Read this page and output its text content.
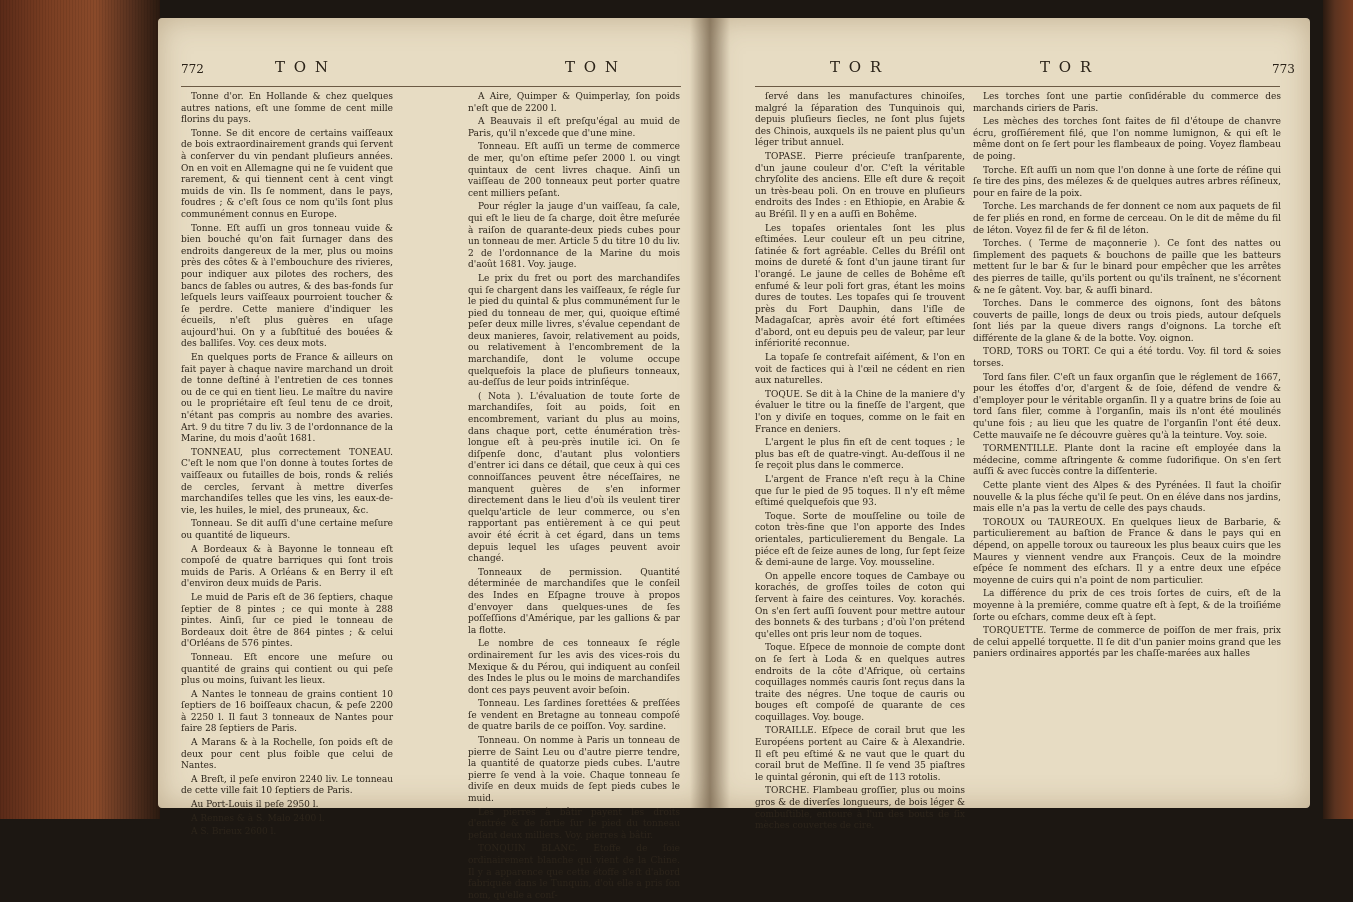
772	T O N	T O N	T O R	T O R	773

Tonne d'or. En Hollande & chez quelques autres nations, eſt une ſomme de cent mille florins du pays.

Tonne. Se dit encore de certains vaiſſeaux de bois extraordinairement grands qui ſervent à conſerver du vin pendant pluſieurs années. On en voit en Allemagne qui ne ſe vuident que rarement, & qui tiennent cent à cent vingt muids de vin. Ils ſe nomment, dans le pays, foudres ; & c'eſt ſous ce nom qu'ils ſont plus communément connus en Europe.

Tonne. Eſt auſſi un gros tonneau vuide & bien bouché qu'on fait ſurnager dans des endroits dangereux de la mer, plus ou moins près des côtes & à l'embouchure des rivieres, pour indiquer aux pilotes des rochers, des bancs de ſables ou autres, & des bas-fonds ſur leſquels leurs vaiſſeaux pourroient toucher & ſe perdre. Cette maniere d'indiquer les écueils, n'eſt plus guères en uſage aujourd'hui. On y a ſubſtitué des bouées & des balliſes. Voy. ces deux mots.

En quelques ports de France & ailleurs on fait payer à chaque navire marchand un droit de tonne deſtiné à l'entretien de ces tonnes ou de ce qui en tient lieu. Le maître du navire ou le propriétaire eſt ſeul tenu de ce droit, n'étant pas compris au nombre des avaries. Art. 9 du titre 7 du liv. 3 de l'ordonnance de la Marine, du mois d'août 1681.

TONNEAU, plus correctement TONEAU. C'eſt le nom que l'on donne à toutes ſortes de vaiſſeaux ou futailles de bois, ronds & reliés de cercles, ſervant à mettre diverſes marchandiſes telles que les vins, les eaux-de-vie, les huiles, le miel, des pruneaux, &c.

Tonneau. Se dit auſſi d'une certaine meſure ou quantité de liqueurs.

A Bordeaux & à Bayonne le tonneau eſt compoſé de quatre barriques qui ſont trois muids de Paris. A Orléans & en Berry il eſt d'environ deux muids de Paris.

Le muid de Paris eſt de 36 ſeptiers, chaque ſeptier de 8 pintes ; ce qui monte à 288 pintes. Ainſi, ſur ce pied le tonneau de Bordeaux doit être de 864 pintes ; & celui d'Orléans de 576 pintes.

Tonneau. Eſt encore une meſure ou quantité de grains qui contient ou qui peſe plus ou moins, ſuivant les lieux.

A Nantes le tonneau de grains contient 10 ſeptiers de 16 boiſſeaux chacun, & peſe 2200 à 2250 l. Il faut 3 tonneaux de Nantes pour faire 28 ſeptiers de Paris.

A Marans & à la Rochelle, ſon poids eſt de deux pour cent plus foible que celui de Nantes.

A Breſt, il peſe environ 2240 liv. Le tonneau de cette ville fait 10 ſeptiers de Paris.

Au Port-Louis il peſe 2950 l.

A Rennes & à S. Malo 2400 l.

A S. Brieux 2600 l.

A Aire, Quimper & Quimperlay, ſon poids n'eſt que de 2200 l.

A Beauvais il eſt preſqu'égal au muid de Paris, qu'il n'excede que d'une mine.

Tonneau. Eſt auſſi un terme de commerce de mer, qu'on eſtime peſer 2000 l. ou vingt quintaux de cent livres chaque. Ainſi un vaiſſeau de 200 tonneaux peut porter quatre cent milliers peſant.

Pour régler la jauge d'un vaiſſeau, ſa cale, qui eſt le lieu de ſa charge, doit être meſurée à raiſon de quarante-deux pieds cubes pour un tonneau de mer. Article 5 du titre 10 du liv. 2 de l'ordonnance de la Marine du mois d'août 1681. Voy. jauge.

Le prix du fret ou port des marchandiſes qui ſe chargent dans les vaiſſeaux, ſe régle ſur le pied du quintal & plus communément ſur le pied du tonneau de mer, qui, quoique eſtimé peſer deux mille livres, s'évalue cependant de deux manieres, ſavoir, relativement au poids, ou relativement à l'encombrement de la marchandiſe, dont le volume occupe quelquefois la place de pluſieurs tonneaux, au-deſſus de leur poids intrinſéque.

( Nota ). L'évaluation de toute ſorte de marchandiſes, ſoit au poids, ſoit en encombrement, variant du plus au moins, dans chaque port, cette énumération très-longue eſt à peu-près inutile ici. On ſe diſpenſe donc, d'autant plus volontiers d'entrer ici dans ce détail, que ceux à qui ces connoiſſances peuvent être néceſſaires, ne manquent guères de s'en informer directement dans le lieu d'où ils veulent tirer quelqu'article de leur commerce, ou s'en rapportant pas entièrement à ce qui peut avoir été écrit à cet égard, dans un tems depuis lequel les uſages peuvent avoir changé.

Tonneaux de permission. Quantité déterminée de marchandiſes que le conſeil des Indes en Eſpagne trouve à propos d'envoyer dans quelques-unes de ſes poſſeſſions d'Amérique, par les gallions & par la flotte.

Le nombre de ces tonneaux ſe régle ordinairement ſur les avis des vices-rois du Mexique & du Pérou, qui indiquent au conſeil des Indes le plus ou le moins de marchandiſes dont ces pays peuvent avoir beſoin.

Tonneau. Les ſardines ſorettées & preſſées ſe vendent en Bretagne au tonneau compoſé de quatre barils de ce poiſſon. Voy. sardine.

Tonneau. On nomme à Paris un tonneau de pierre de Saint Leu ou d'autre pierre tendre, la quantité de quatorze pieds cubes. L'autre pierre ſe vend à la voie. Chaque tonneau ſe diviſe en deux muids de ſept pieds cubes le muid.

Les pierres à bâtir payent les droits d'entrée & de ſortie ſur le pied du tonneau peſant deux milliers. Voy. pierres à bâtir.

TONQUIN BLANC. Etoffe de ſoie ordinairement blanche qui vient de la Chine. Il y a apparence que cette étoffe s'eſt d'abord fabriquée dans le Tunquin, d'où elle a pris ſon nom, qu'elle a conſ-

ſervé dans les manufactures chinoiſes, malgré la ſéparation des Tunquinois qui, depuis pluſieurs ſiecles, ne ſont plus ſujets des Chinois, auxquels ils ne paient plus qu'un léger tribut annuel.

TOPASE. Pierre précieuſe tranſparente, d'un jaune couleur d'or. C'eſt la véritable chryſolite des anciens. Elle eſt dure & reçoit un très-beau poli. On en trouve en pluſieurs endroits des Indes : en Ethiopie, en Arabie & au Bréſil. Il y en a auſſi en Bohême.

Les topaſes orientales ſont les plus eſtimées. Leur couleur eſt un peu citrine, ſatinée & fort agréable. Celles du Bréſil ont moins de dureté & ſont d'un jaune tirant ſur l'orangé. Le jaune de celles de Bohême eſt enfumé & leur poli fort gras, étant les moins dures de toutes. Les topaſes qui ſe trouvent près du Fort Dauphin, dans l'iſle de Madagaſcar, après avoir été fort eſtimées d'abord, ont eu depuis peu de valeur, par leur infériorité reconnue.

La topaſe ſe contrefait aiſément, & l'on en voit de factices qui à l'œil ne cédent en rien aux naturelles.

TOQUE. Se dit à la Chine de la maniere d'y évaluer le titre ou la fineſſe de l'argent, que l'on y diviſe en toques, comme on le fait en France en deniers.

L'argent le plus fin eſt de cent toques ; le plus bas eſt de quatre-vingt. Au-deſſous il ne ſe reçoit plus dans le commerce.

L'argent de France n'eſt reçu à la Chine que ſur le pied de 95 toques. Il n'y eſt même eſtimé quelquefois que 93.

Toque. Sorte de mouſſeline ou toile de coton très-fine que l'on apporte des Indes orientales, particulierement du Bengale. La piéce eſt de ſeize aunes de long, ſur ſept ſeize & demi-aune de large. Voy. mousseline.

On appelle encore toques de Cambaye ou korachés, de groſſes toiles de coton qui ſervent à faire des ceintures. Voy. korachés. On s'en ſert auſſi ſouvent pour mettre autour des bonnets & des turbans ; d'où l'on prétend qu'elles ont pris leur nom de toques.

Toque. Eſpece de monnoie de compte dont on ſe ſert à Loda & en quelques autres endroits de la côte d'Afrique, où certains coquillages nommés cauris ſont reçus dans la traite des négres. Une toque de cauris ou bouges eſt compoſé de quarante de ces coquillages. Voy. bouge.

TORAILLE. Eſpece de corail brut que les Européens portent au Caire & à Alexandrie. Il eſt peu eſtimé & ne vaut que le quart du corail brut de Meſſine. Il ſe vend 35 piaſtres le quintal géronin, qui eſt de 113 rotolis.

TORCHE. Flambeau groſſier, plus ou moins gros & de diverſes longueurs, de bois léger & combuſtible, entouré à l'un des bouts de ſix mèches couvertes de cire.

Les torches ſont une partie conſidérable du commerce des marchands ciriers de Paris.

Les mèches des torches ſont faites de fil d'étoupe de chanvre écru, groſſiérement filé, que l'on nomme lumignon, & qui eſt le même dont on ſe ſert pour les flambeaux de poing. Voyez flambeau de poing.

Torche. Eſt auſſi un nom que l'on donne à une ſorte de réſine qui ſe tire des pins, des mélezes & de quelques autres arbres réſineux, pour en faire de la poix.

Torche. Les marchands de fer donnent ce nom aux paquets de fil de fer pliés en rond, en forme de cerceau. On le dit de même du fil de léton. Voyez fil de fer & fil de léton.

Torches. ( Terme de maçonnerie ). Ce ſont des nattes ou ſimplement des paquets & bouchons de paille que les batteurs mettent ſur le bar & ſur le binard pour empêcher que les arrêtes des pierres de taille, qu'ils portent ou qu'ils traînent, ne s'écornent & ne ſe gâtent. Voy. bar, & auſſi binard.

Torches. Dans le commerce des oignons, ſont des bâtons couverts de paille, longs de deux ou trois pieds, autour deſquels ſont liés par la queue divers rangs d'oignons. La torche eſt différente de la glane & de la botte. Voy. oignon.

TORD, TORS ou TORT. Ce qui a été tordu. Voy. fil tord & soies torses.

Tord ſans filer. C'eſt un faux organſin que le réglement de 1667, pour les étoffes d'or, d'argent & de ſoie, défend de vendre & d'employer pour le véritable organſin. Il y a quatre brins de ſoie au tord ſans filer, comme à l'organſin, mais ils n'ont été moulinés qu'une fois ; au lieu que les quatre de l'organſin l'ont été deux. Cette mauvaiſe ne ſe découvre guères qu'à la teinture. Voy. soie.

TORMENTILLE. Plante dont la racine eſt employée dans la médecine, comme aſtringente & comme ſudorifique. On s'en ſert auſſi & avec ſuccès contre la diſſenterie.

Cette plante vient des Alpes & des Pyrénées. Il faut la choiſir nouvelle & la plus ſéche qu'il ſe peut. On en éléve dans nos jardins, mais elle n'a pas la vertu de celle des pays chauds.

TOROUX ou TAUREOUX. En quelques lieux de Barbarie, & particulierement au baſtion de France & dans le pays qui en dépend, on appelle toroux ou taureoux les plus beaux cuirs que les Maures y viennent vendre aux François. Ceux de la moindre eſpéce ſe nomment des eſchars. Il y a entre deux une eſpéce moyenne de cuirs qui n'a point de nom particulier.

La différence du prix de ces trois ſortes de cuirs, eſt de la moyenne à la premiére, comme quatre eſt à ſept, & de la troiſiéme ſorte ou eſchars, comme deux eſt à ſept.

TORQUETTE. Terme de commerce de poiſſon de mer frais, prix de celui appellé torquette. Il ſe dit d'un panier moins grand que les paniers ordinaires apportés par les chaſſe-marées aux halles
